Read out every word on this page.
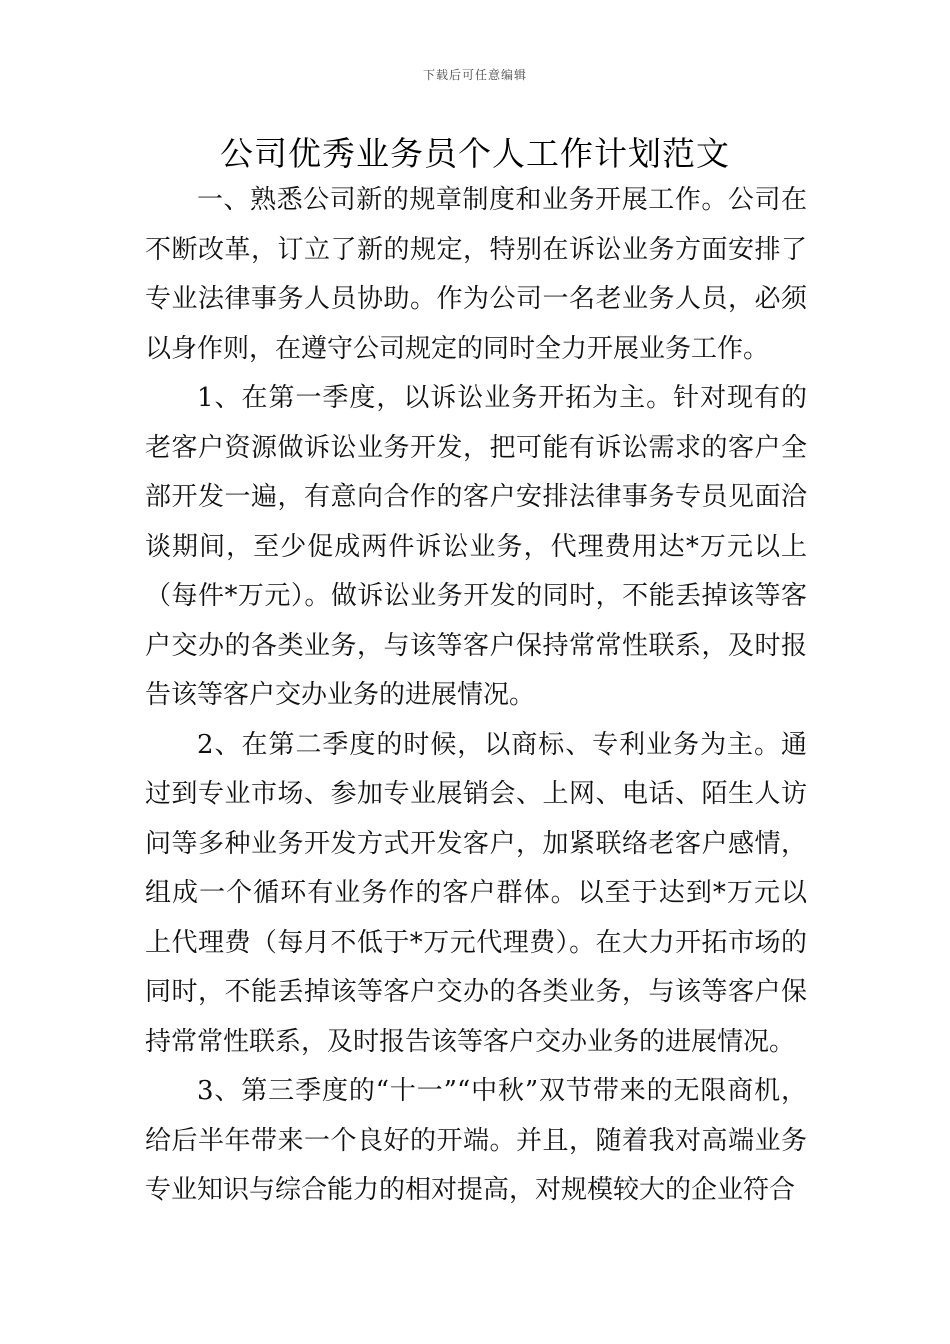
下载后可任意编辑
公司优秀业务员个人工作计划范文

一、熟悉公司新的规章制度和业务开展工作。公司在不断改革，订立了新的规定，特别在诉讼业务方面安排了专业法律事务人员协助。作为公司一名老业务人员，必须以身作则，在遵守公司规定的同时全力开展业务工作。

1、在第一季度，以诉讼业务开拓为主。针对现有的老客户资源做诉讼业务开发，把可能有诉讼需求的客户全部开发一遍，有意向合作的客户安排法律事务专员见面洽谈期间，至少促成两件诉讼业务，代理费用达*万元以上（每件*万元）。做诉讼业务开发的同时，不能丢掉该等客户交办的各类业务，与该等客户保持常常性联系，及时报告该等客户交办业务的进展情况。

2、在第二季度的时候，以商标、专利业务为主。通过到专业市场、参加专业展销会、上网、电话、陌生人访问等多种业务开发方式开发客户，加紧联络老客户感情，组成一个循环有业务作的客户群体。以至于达到*万元以上代理费（每月不低于*万元代理费）。在大力开拓市场的同时，不能丢掉该等客户交办的各类业务，与该等客户保持常常性联系，及时报告该等客户交办业务的进展情况。

3、第三季度的“十一”“中秋”双节带来的无限商机，给后半年带来一个良好的开端。并且，随着我对高端业务专业知识与综合能力的相对提高，对规模较大的企业符合
